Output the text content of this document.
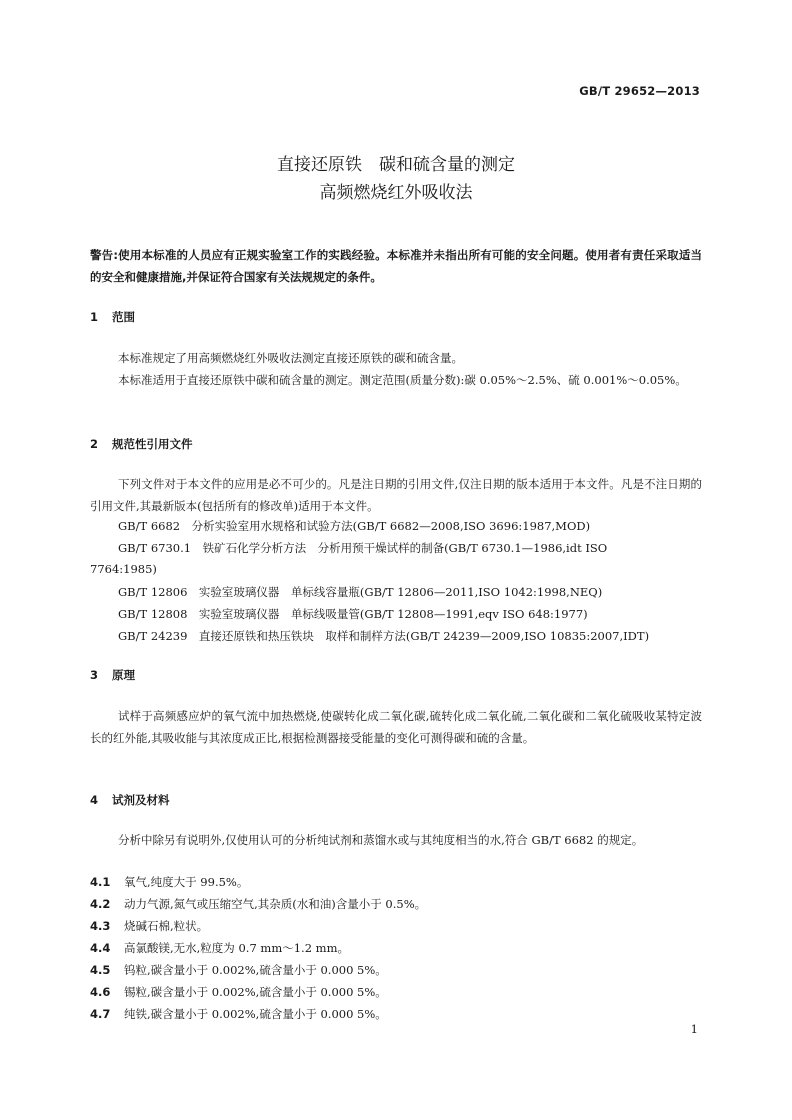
GB/T 29652—2013
直接还原铁　碳和硫含量的测定
高频燃烧红外吸收法
警告:使用本标准的人员应有正规实验室工作的实践经验。本标准并未指出所有可能的安全问题。使用者有责任采取适当的安全和健康措施,并保证符合国家有关法规规定的条件。
1 范围
本标准规定了用高频燃烧红外吸收法测定直接还原铁的碳和硫含量。
本标准适用于直接还原铁中碳和硫含量的测定。测定范围(质量分数):碳 0.05%～2.5%、硫 0.001%～0.05%。
2 规范性引用文件
下列文件对于本文件的应用是必不可少的。凡是注日期的引用文件,仅注日期的版本适用于本文件。凡是不注日期的引用文件,其最新版本(包括所有的修改单)适用于本文件。
GB/T 6682　分析实验室用水规格和试验方法(GB/T 6682—2008,ISO 3696:1987,MOD)
GB/T 6730.1　铁矿石化学分析方法　分析用预干燥试样的制备(GB/T 6730.1—1986,idt ISO
7764:1985)
GB/T 12806　实验室玻璃仪器　单标线容量瓶(GB/T 12806—2011,ISO 1042:1998,NEQ)
GB/T 12808　实验室玻璃仪器　单标线吸量管(GB/T 12808—1991,eqv ISO 648:1977)
GB/T 24239　直接还原铁和热压铁块　取样和制样方法(GB/T 24239—2009,ISO 10835:2007,IDT)
3 原理
试样于高频感应炉的氧气流中加热燃烧,使碳转化成二氧化碳,硫转化成二氧化硫,二氧化碳和二氧化硫吸收某特定波长的红外能,其吸收能与其浓度成正比,根据检测器接受能量的变化可测得碳和硫的含量。
4 试剂及材料
分析中除另有说明外,仅使用认可的分析纯试剂和蒸馏水或与其纯度相当的水,符合 GB/T 6682 的规定。
4.1 氧气,纯度大于 99.5%。
4.2 动力气源,氮气或压缩空气,其杂质(水和油)含量小于 0.5%。
4.3 烧碱石棉,粒状。
4.4 高氯酸镁,无水,粒度为 0.7 mm～1.2 mm。
4.5 钨粒,碳含量小于 0.002%,硫含量小于 0.000 5%。
4.6 锡粒,碳含量小于 0.002%,硫含量小于 0.000 5%。
4.7 纯铁,碳含量小于 0.002%,硫含量小于 0.000 5%。
1
